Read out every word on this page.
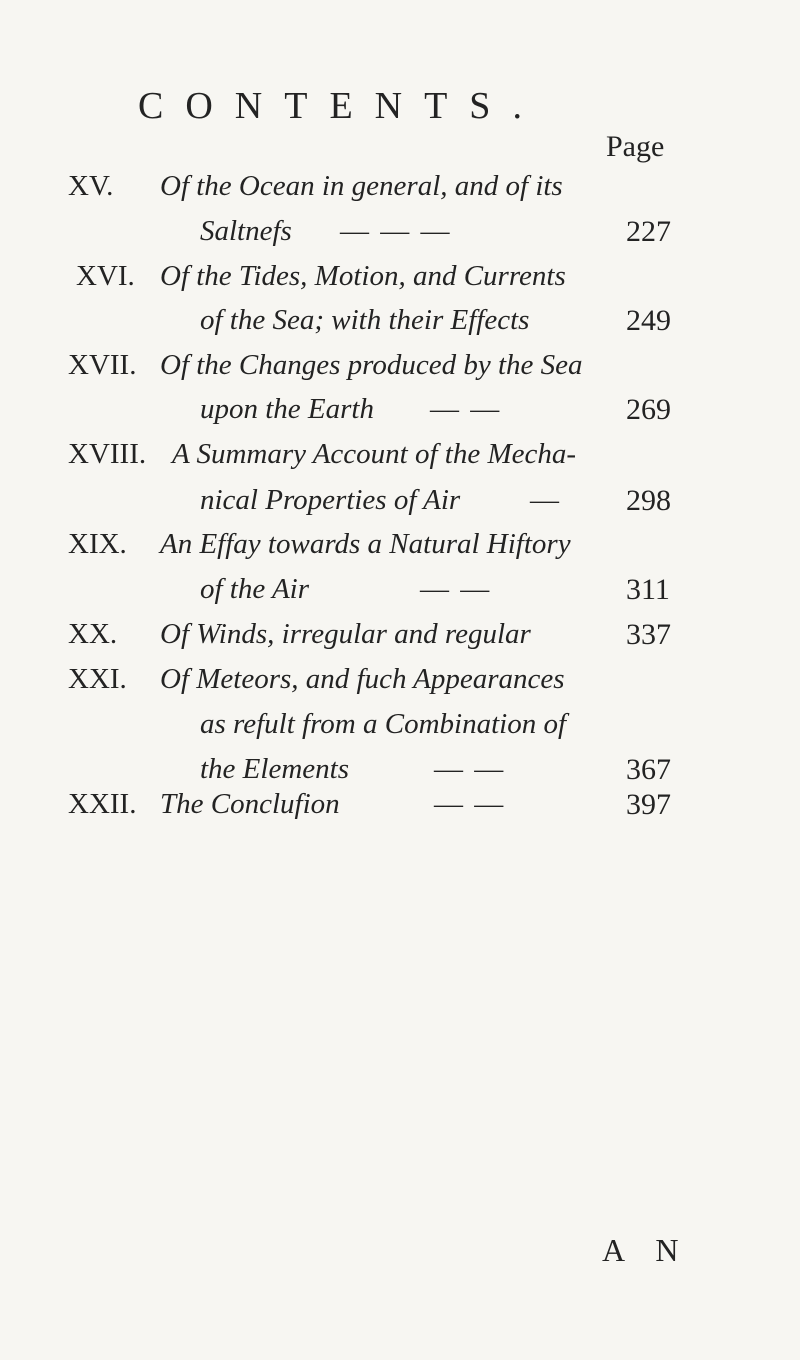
CONTENTS.
Page
XV. Of the Ocean in general, and of its
Saltnefs — — —	227
XVI. Of the Tides, Motion, and Currents
of the Sea; with their Effects	249
XVII. Of the Changes produced by the Sea
upon the Earth — —	269
XVIII. A Summary Account of the Mecha-
nical Properties of Air — 298
XIX. An Effay towards a Natural Hiftory
of the Air	— —	311
XX. Of Winds, irregular and regular	337
XXI. Of Meteors, and fuch Appearances
as refult from a Combination of
the Elements	— —	367
XXII. The Conclufion	— —	397
A N
